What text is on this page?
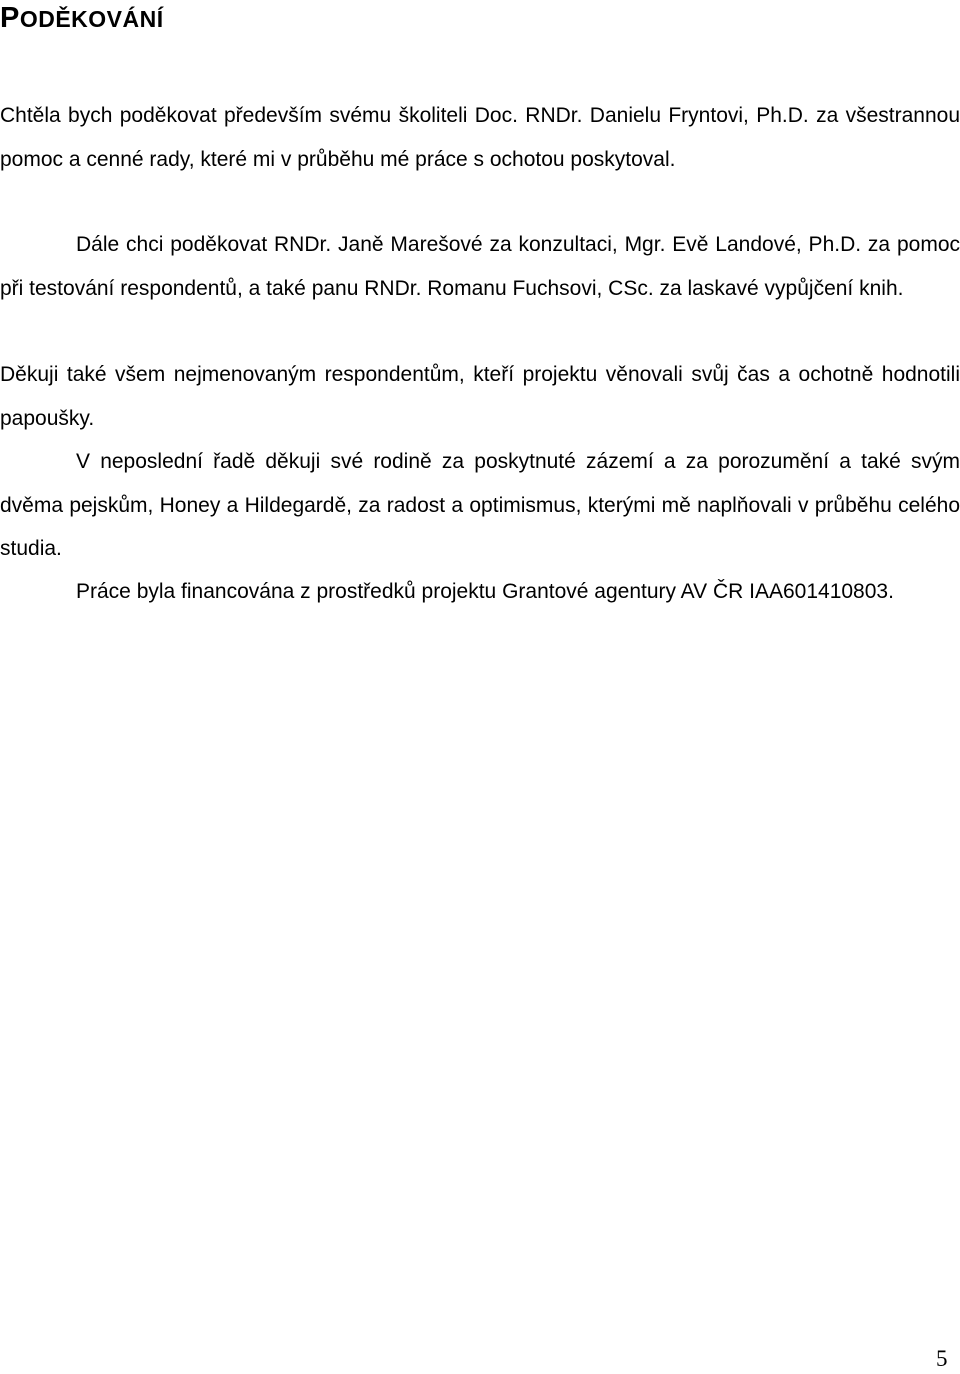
PODĚKOVÁNÍ

Chtěla bych poděkovat především svému školiteli Doc. RNDr. Danielu Fryntovi, Ph.D. za všestrannou pomoc a cenné rady, které mi v průběhu mé práce s ochotou poskytoval.

Dále chci poděkovat RNDr. Janě Marešové za konzultaci, Mgr. Evě Landové, Ph.D. za pomoc při testování respondentů, a také panu RNDr. Romanu Fuchsovi, CSc. za laskavé vypůjčení knih.

Děkuji také všem nejmenovaným respondentům, kteří projektu věnovali svůj čas a ochotně hodnotili papoušky.

V neposlední řadě děkuji své rodině za poskytnuté zázemí a za porozumění a také svým dvěma pejskům, Honey a Hildegardě, za radost a optimismus, kterými mě naplňovali v průběhu celého studia.

Práce byla financována z prostředků projektu Grantové agentury AV ČR IAA601410803.

5
